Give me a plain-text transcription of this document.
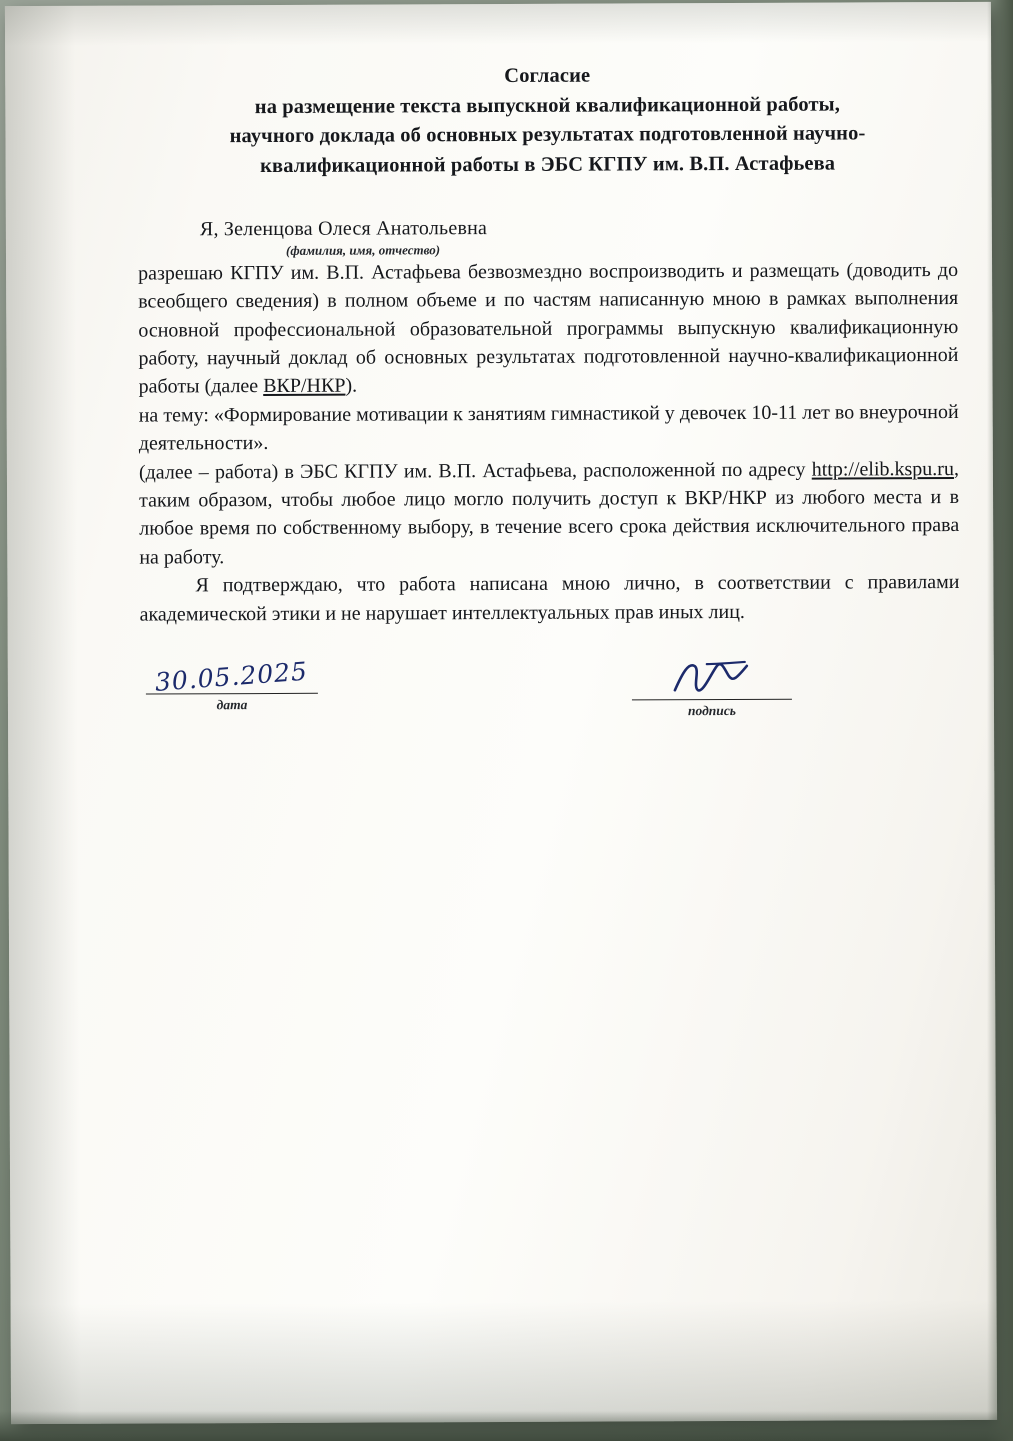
Согласие
на размещение текста выпускной квалификационной работы,
научного доклада об основных результатах подготовленной научно-
квалификационной работы в ЭБС КГПУ им. В.П. Астафьева
Я, Зеленцова Олеся Анатольевна
(фамилия, имя, отчество)

разрешаю КГПУ им. В.П. Астафьева безвозмездно воспроизводить и размещать (доводить до всеобщего сведения) в полном объеме и по частям написанную мною в рамках выполнения основной профессиональной образовательной программы выпускную квалификационную работу, научный доклад об основных результатах подготовленной научно-квалификационной работы (далее ВКР/НКР).

на тему: «Формирование мотивации к занятиям гимнастикой у девочек 10-11 лет во внеурочной деятельности».

(далее – работа) в ЭБС КГПУ им. В.П. Астафьева, расположенной по адресу http://elib.kspu.ru, таким образом, чтобы любое лицо могло получить доступ к ВКР/НКР из любого места и в любое время по собственному выбору, в течение всего срока действия исключительного права на работу.

Я подтверждаю, что работа написана мною лично, в соответствии с правилами академической этики и не нарушает интеллектуальных прав иных лиц.

30.05.2025
дата	подпись
